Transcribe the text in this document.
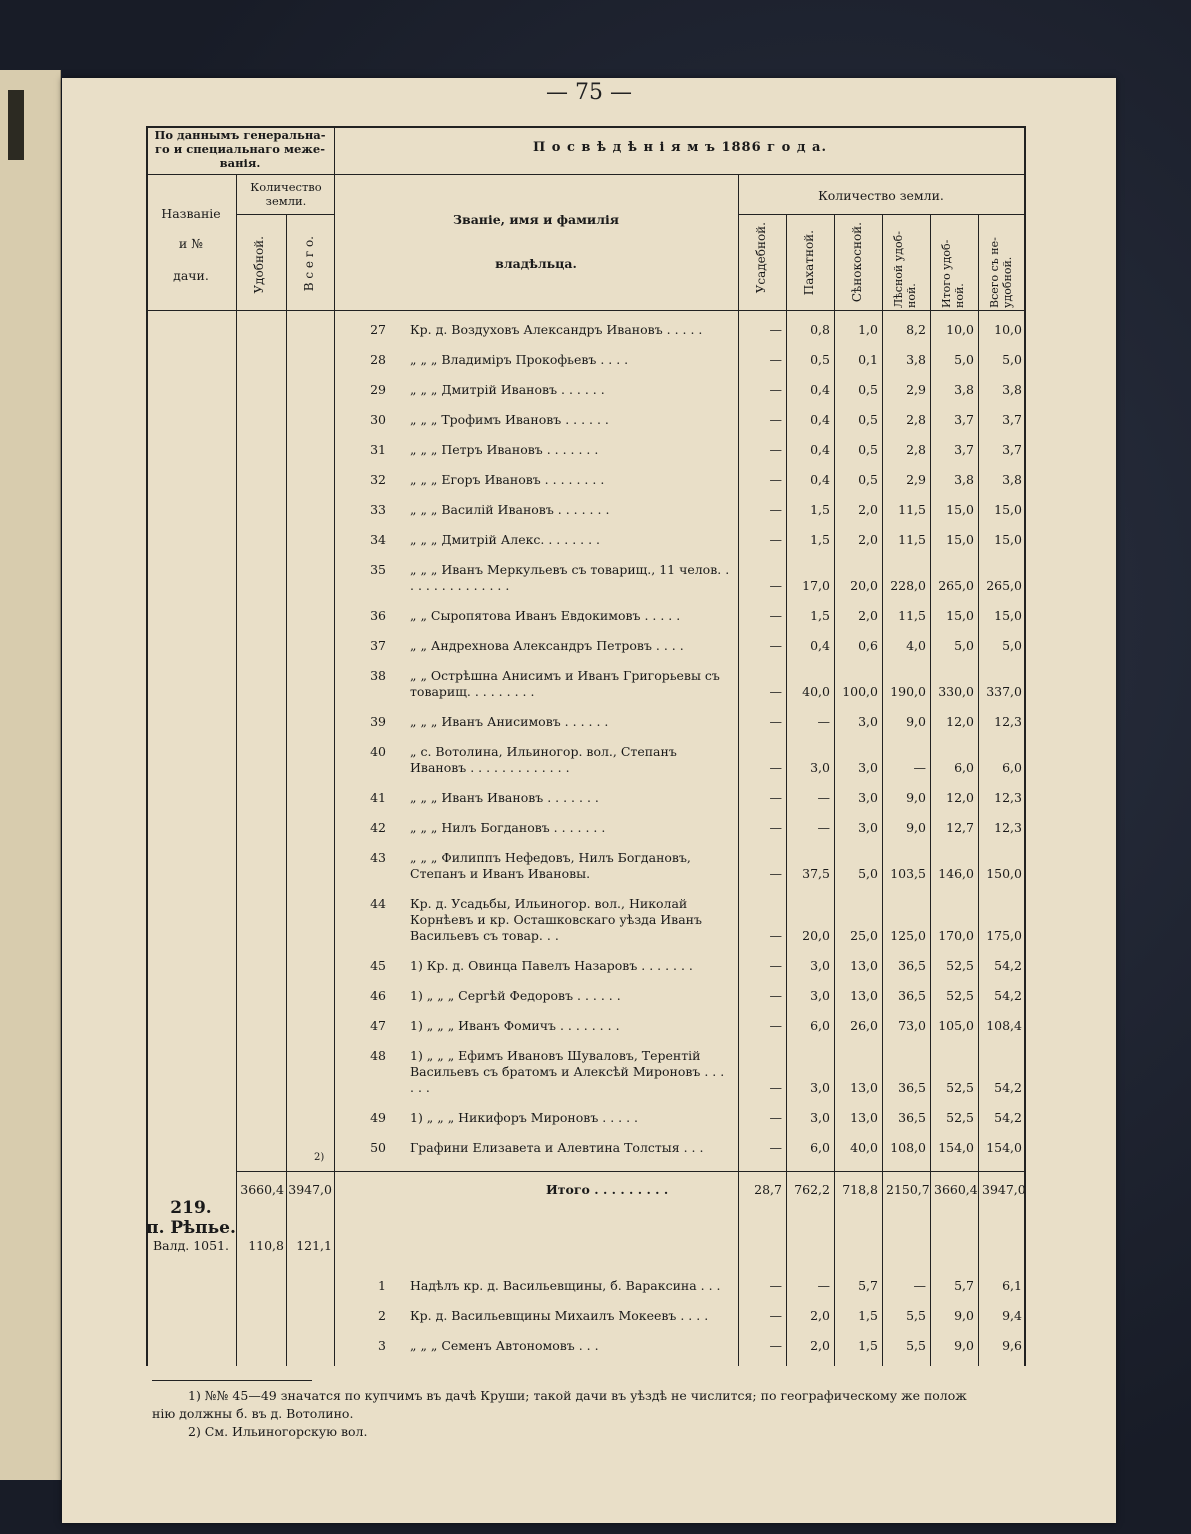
— 75 —
По даннымъ генеральна-го и специальнаго меже-ванія.
П о с в ѣ д ѣ н і я м ъ 1886 г о д а.
Названіе
и №
дачи.
Количество земли.
Удобной.	В с е г о.
Званіе, имя и фамилія
владѣльца.
Количество земли.
Усадебной.	Пахатной.	Сѣнокосной.	Лѣсной удоб-ной. Итого удоб-ной. Всего съ не-удобной.
27 Кр. д. Воздуховъ Александръ Ивановъ . . . . .	—	0,8	1,0	8,2	10,0	10,0
28 „ „ „ Владиміръ Прокофьевъ . . . .	—	0,5	0,1	3,8	5,0	5,0
29 „ „ „ Дмитрій Ивановъ . . . . . .	—	0,4	0,5	2,9	3,8	3,8
30 „ „ „ Трофимъ Ивановъ . . . . . .	—	0,4	0,5	2,8	3,7	3,7
31 „ „ „ Петръ Ивановъ . . . . . . .	—	0,4	0,5	2,8	3,7	3,7
32 „ „ „ Егоръ Ивановъ . . . . . . . .	—	0,4	0,5	2,9	3,8	3,8
33 „ „ „ Василій Ивановъ . . . . . . .	—	1,5	2,0	11,5	15,0	15,0
34 „ „ „ Дмитрій Алекс. . . . . . . .	—	1,5	2,0	11,5	15,0	15,0
35 „ „ „ Иванъ Меркульевъ съ товарищ., 11 челов. . . . . . . . . . . . . . .	—	17,0	20,0 228,0 265,0 265,0
36 „ „ Сыропятова Иванъ Евдокимовъ . . . . .	—	1,5	2,0	11,5	15,0	15,0
37 „ „ Андрехнова Александръ Петровъ . . . .	—	0,4	0,6	4,0	5,0	5,0
38 „ „ Острѣшна Анисимъ и Иванъ Григорьевы съ товарищ. . . . . . . . .	—	40,0 100,0 190,0 330,0 337,0
39 „ „ „ Иванъ Анисимовъ . . . . . .	—	—	3,0	9,0	12,0	12,3
40 „ с. Вотолина, Ильиногор. вол., Степанъ Ивановъ . . . . . . . . . . . . .	—	3,0	3,0	—	6,0	6,0
41 „ „ „ Иванъ Ивановъ . . . . . . .	—	—	3,0	9,0	12,0	12,3
42 „ „ „ Нилъ Богдановъ . . . . . . .	—	—	3,0	9,0	12,7	12,3
43 „ „ „ Филиппъ Нефедовъ, Нилъ Богдановъ, Степанъ и Иванъ Ивановы.	—	37,5	5,0 103,5 146,0 150,0
44 Кр. д. Усадьбы, Ильиногор. вол., Николай Корнѣевъ и кр. Осташковскаго уѣзда Иванъ Васильевъ съ товар. . .	—	20,0	25,0 125,0 170,0 175,0
45 1) Кр. д. Овинца Павелъ Назаровъ . . . . . . .	—	3,0	13,0	36,5	52,5	54,2
46 1) „ „ „ Сергѣй Федоровъ . . . . . .	—	3,0	13,0	36,5	52,5	54,2
47 1) „ „ „ Иванъ Фомичъ . . . . . . . .	—	6,0	26,0	73,0 105,0 108,4
48 1) „ „ „ Ефимъ Ивановъ Шуваловъ, Терентій Васильевъ съ братомъ и Алексѣй Мироновъ . . . . . .	—	3,0	13,0	36,5	52,5	54,2
49 1) „ „ „ Никифоръ Мироновъ . . . . .	—	3,0	13,0	36,5	52,5	54,2
50 Графини Елизавета и Алевтина Толстыя . . .	—	6,0	40,0 108,0 154,0 154,0
2)
3660,4 3947,0	Итого . . . . . . . . .	28,7 762,2 718,8 2150,7 3660,4 3947,0
219.
п. Рѣпье.
Валд. 1051.	110,8 121,1
1 Надѣлъ кр. д. Васильевщины, б. Вараксина . . .	—	—	5,7	—	5,7	6,1
2 Кр. д. Васильевщины Михаилъ Мокеевъ . . . .	—	2,0	1,5	5,5	9,0	9,4
3 „ „ „ Семенъ Автономовъ . . .	—	2,0	1,5	5,5	9,0	9,6
1) №№ 45—49 значатся по купчимъ въ дачѣ Круши; такой дачи въ уѣздѣ не числится; по географическому же полож
нію должны б. въ д. Вотолино.
2) См. Ильиногорскую вол.
